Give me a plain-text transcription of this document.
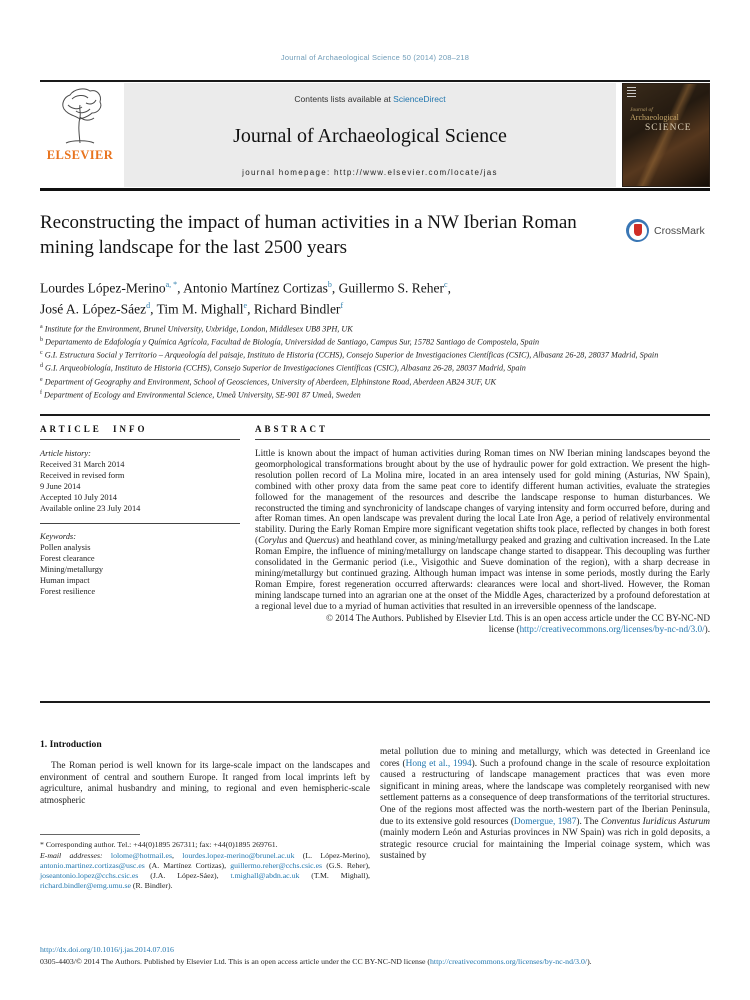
Journal of Archaeological Science 50 (2014) 208–218
ELSEVIER
Contents lists available at ScienceDirect
Journal of Archaeological Science
journal homepage: http://www.elsevier.com/locate/jas
Journal of
Archaeological
SCIENCE
Reconstructing the impact of human activities in a NW Iberian Roman mining landscape for the last 2500 years
CrossMark
Lourdes López-Merino$^{a, *}$, Antonio Martínez Cortizas$^b$, Guillermo S. Reher$^c$,
José A. López-Sáez$^d$, Tim M. Mighall$^e$, Richard Bindler$^f$
$^a$ Institute for the Environment, Brunel University, Uxbridge, London, Middlesex UB8 3PH, UK
$^b$ Departamento de Edafología y Química Agrícola, Facultad de Biología, Universidad de Santiago, Campus Sur, 15782 Santiago de Compostela, Spain
$^c$ G.I. Estructura Social y Territorio – Arqueología del paisaje, Instituto de Historia (CCHS), Consejo Superior de Investigaciones Científicas (CSIC), Albasanz 26-28, 28037 Madrid, Spain
$^d$ G.I. Arqueobiología, Instituto de Historia (CCHS), Consejo Superior de Investigaciones Científicas (CSIC), Albasanz 26-28, 28037 Madrid, Spain
$^e$ Department of Geography and Environment, School of Geosciences, University of Aberdeen, Elphinstone Road, Aberdeen AB24 3UF, UK
$^f$ Department of Ecology and Environmental Science, Umeå University, SE-901 87 Umeå, Sweden
ARTICLE INFO
Article history:
Received 31 March 2014
Received in revised form
9 June 2014
Accepted 10 July 2014
Available online 23 July 2014
Keywords:
Pollen analysis
Forest clearance
Mining/metallurgy
Human impact
Forest resilience
ABSTRACT
Little is known about the impact of human activities during Roman times on NW Iberian mining landscapes beyond the geomorphological transformations brought about by the use of hydraulic power for gold extraction. We present the high-resolution pollen record of La Molina mire, located in an area intensely used for gold mining (Asturias, NW Spain), combined with other proxy data from the same peat core to identify different human activities, evaluate the strategies followed for the management of the resources and describe the landscape response to human disturbances. We reconstructed the timing and synchronicity of landscape changes of varying intensity and form occurred before, during and after Roman times. An open landscape was prevalent during the local Late Iron Age, a period of relatively environmental stability. During the Early Roman Empire more significant vegetation shifts took place, reflected by changes in both forest (Corylus and Quercus) and heathland cover, as mining/metallurgy peaked and grazing and cultivation increased. In the Late Roman Empire, the influence of mining/metallurgy on landscape change started to disappear. This decoupling was further consolidated in the Germanic period (i.e., Visigothic and Sueve domination of the region), with a sharp decrease in mining/metallurgy but continued grazing. Although human impact was intense in some periods, mostly during the Early Roman Empire, forest regeneration occurred afterwards: clearances were local and short-lived. However, the Roman mining landscape turned into an agrarian one at the onset of the Middle Ages, characterized by a profound deforestation at a regional level due to a myriad of human activities that resulted in an irreversible openness of the landscape.
© 2014 The Authors. Published by Elsevier Ltd. This is an open access article under the CC BY-NC-ND
license (http://creativecommons.org/licenses/by-nc-nd/3.0/).
1. Introduction

The Roman period is well known for its large-scale impact on the landscapes and environment of central and southern Europe. It ranged from local imprints left by agriculture, animal husbandry and mining, to regional and even hemispheric-scale atmospheric

* Corresponding author. Tel.: +44(0)1895 267311; fax: +44(0)1895 269761.
E-mail addresses: lolome@hotmail.es, lourdes.lopez-merino@brunel.ac.uk (L. López-Merino), antonio.martinez.cortizas@usc.es (A. Martínez Cortizas), guillermo.reher@cchs.csic.es (G.S. Reher), joseantonio.lopez@cchs.csic.es (J.A. López-Sáez), t.mighall@abdn.ac.uk (T.M. Mighall), richard.bindler@emg.umu.se (R. Bindler).

metal pollution due to mining and metallurgy, which was detected in Greenland ice cores (Hong et al., 1994). Such a profound change in the scale of resource exploitation caused a restructuring of landscape management practices that was even more significant in mining areas, where the landscape was completely reorganised with new settlement patterns as a consequence of deep transformations of the territorial structures. One of the regions most affected was the north-western part of the Iberian Peninsula, due to its extensive gold resources (Domergue, 1987). The Conventus Iuridicus Asturum (mainly modern León and Asturias provinces in NW Spain) was rich in gold deposits, a strategic resource crucial for maintaining the Imperial coinage system, which was sustained by

http://dx.doi.org/10.1016/j.jas.2014.07.016
0305-4403/© 2014 The Authors. Published by Elsevier Ltd. This is an open access article under the CC BY-NC-ND license (http://creativecommons.org/licenses/by-nc-nd/3.0/).
